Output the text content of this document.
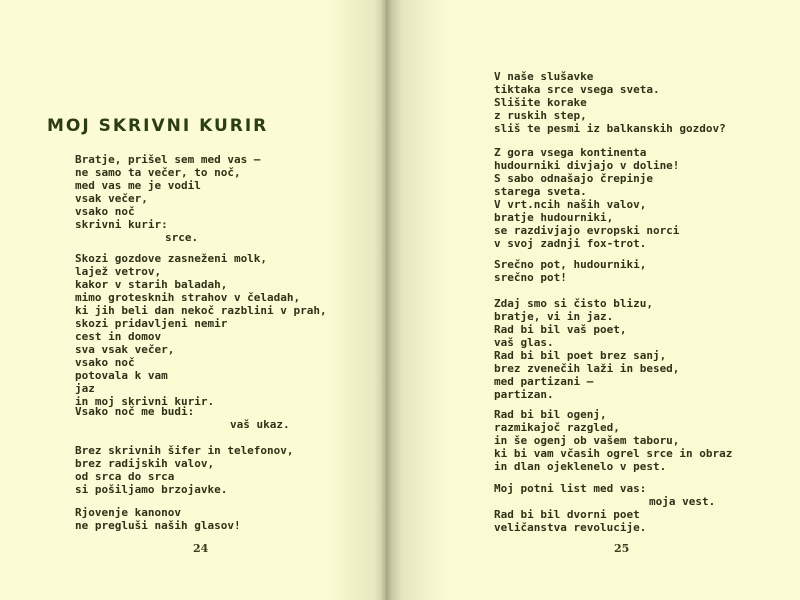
MOJ SKRIVNI KURIR
Bratje, prišel sem med vas —
ne samo ta večer, to noč,
med vas me je vodil
vsak večer,
vsako noč
skrivni kurir:
srce.
Skozi gozdove zasneženi molk,
lajež vetrov,
kakor v starih baladah,
mimo grotesknih strahov v čeladah,
ki jih beli dan nekoč razblini v prah,
skozi pridavljeni nemir
cest in domov
sva vsak večer,
vsako noč
potovala k vam
jaz
in moj skrivni kurir.
Vsako noč me budi:
vaš ukaz.
Brez skrivnih šifer in telefonov,
brez radijskih valov,
od srca do srca
si pošiljamo brzojavke.
Rjovenje kanonov
ne pregluši naših glasov!
24
V naše slušavke
tiktaka srce vsega sveta.
Slišite korake
z ruskih step,
sliš te pesmi iz balkanskih gozdov?
Z gora vsega kontinenta
hudourniki divjajo v doline!
S sabo odnašajo črepinje
starega sveta.
V vrt.ncih naših valov,
bratje hudourniki,
se razdivjajo evropski norci
v svoj zadnji fox-trot.
Srečno pot, hudourniki,
srečno pot!
Zdaj smo si čisto blizu,
bratje, vi in jaz.
Rad bi bil vaš poet,
vaš glas.
Rad bi bil poet brez sanj,
brez zvenečih laži in besed,
med partizani —
partizan.
Rad bi bil ogenj,
razmikajoč razgled,
in še ogenj ob vašem taboru,
ki bi vam včasih ogrel srce in obraz
in dlan ojeklenelo v pest.
Moj potni list med vas:
moja vest.
Rad bi bil dvorni poet
veličanstva revolucije.
25
